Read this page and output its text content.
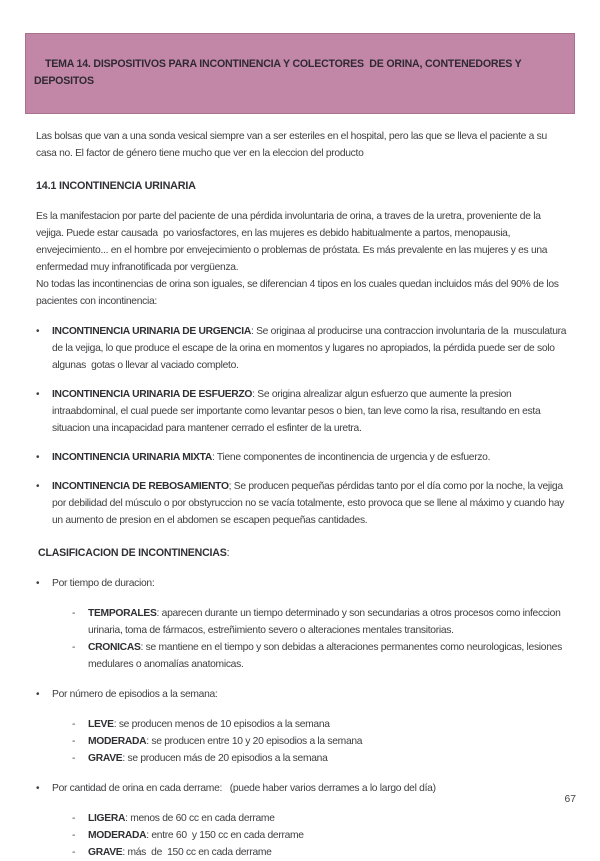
TEMA 14. DISPOSITIVOS PARA INCONTINENCIA Y COLECTORES  DE ORINA, CONTENEDORES Y DEPOSITOS

Las bolsas que van a una sonda vesical siempre van a ser esteriles en el hospital, pero las que se lleva el paciente a su casa no. El factor de género tiene mucho que ver en la eleccion del producto

14.1 INCONTINENCIA URINARIA

Es la manifestacion por parte del paciente de una pérdida involuntaria de orina, a traves de la uretra, proveniente de la vejiga. Puede estar causada  po variosfactores, en las mujeres es debido habitualmente a partos, menopausia, envejecimiento... en el hombre por envejecimiento o problemas de próstata. Es más prevalente en las mujeres y es una enfermedad muy infranotificada por vergüenza.

No todas las incontinencias de orina son iguales, se diferencian 4 tipos en los cuales quedan incluidos más del 90% de los pacientes con incontinencia:

•	INCONTINENCIA URINARIA DE URGENCIA: Se originaa al producirse una contraccion involuntaria de la  musculatura de la vejiga, lo que produce el escape de la orina en momentos y lugares no apropiados, la pérdida puede ser de solo algunas  gotas o llevar al vaciado completo.
•	INCONTINENCIA URINARIA DE ESFUERZO: Se origina alrealizar algun esfuerzo que aumente la presion intraabdominal, el cual puede ser importante como levantar pesos o bien, tan leve como la risa, resultando en esta situacion una incapacidad para mantener cerrado el esfinter de la uretra.
•	INCONTINENCIA URINARIA MIXTA: Tiene componentes de incontinencia de urgencia y de esfuerzo.
•	INCONTINENCIA DE REBOSAMIENTO; Se producen pequeñas pérdidas tanto por el día como por la noche, la vejiga por debilidad del músculo o por obstyruccion no se vacía totalmente, esto provoca que se llene al máximo y cuando hay un aumento de presion en el abdomen se escapen pequeñas cantidades.
CLASIFICACION DE INCONTINENCIAS:
•	Por tiempo de duracion:
-	TEMPORALES: aparecen durante un tiempo determinado y son secundarias a otros procesos como infeccion urinaria, toma de fármacos, estreñimiento severo o alteraciones mentales transitorias.
-	CRONICAS: se mantiene en el tiempo y son debidas a alteraciones permanentes como neurologicas, lesiones medulares o anomalías anatomicas.
•	Por número de episodios a la semana:
-	LEVE: se producen menos de 10 episodios a la semana
-	MODERADA: se producen entre 10 y 20 episodios a la semana
-	GRAVE: se producen más de 20 episodios a la semana
•	Por cantidad de orina en cada derrame:   (puede haber varios derrames a lo largo del día)
-	LIGERA: menos de 60 cc en cada derrame
-	MODERADA: entre 60  y 150 cc en cada derrame
-	GRAVE: más  de  150 cc en cada derrame
67
